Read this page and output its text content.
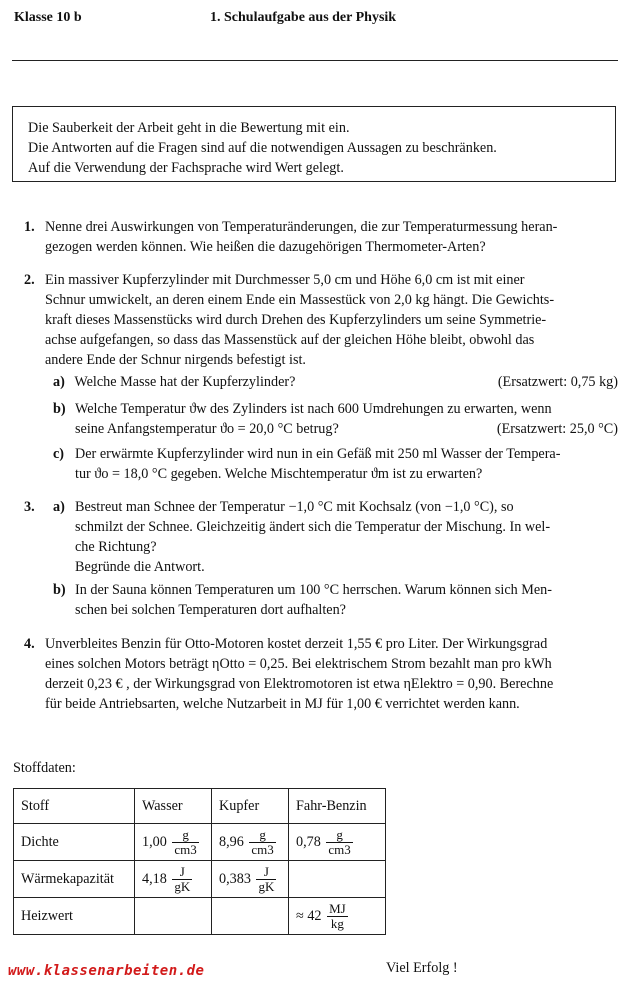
Klasse 10 b	1. Schulaufgabe aus der Physik
Die Sauberkeit der Arbeit geht in die Bewertung mit ein.
Die Antworten auf die Fragen sind auf die notwendigen Aussagen zu beschränken.
Auf die Verwendung der Fachsprache wird Wert gelegt.
1. Nenne drei Auswirkungen von Temperaturänderungen, die zur Temperaturmessung heran-
gezogen werden können. Wie heißen die dazugehörigen Thermometer-Arten?
2. Ein massiver Kupferzylinder mit Durchmesser 5,0 cm und Höhe 6,0 cm ist mit einer
Schnur umwickelt, an deren einem Ende ein Massestück von 2,0 kg hängt. Die Gewichts-
kraft dieses Massenstücks wird durch Drehen des Kupferzylinders um seine Symmetrie-
achse aufgefangen, so dass das Massenstück auf der gleichen Höhe bleibt, obwohl das
andere Ende der Schnur nirgends befestigt ist.
a) Welche Masse hat der Kupferzylinder?	(Ersatzwert: 0,75 kg)
b) Welche Temperatur ϑw des Zylinders ist nach 600 Umdrehungen zu erwarten, wenn
seine Anfangstemperatur ϑo = 20,0 °C betrug?	(Ersatzwert: 25,0 °C)
c) Der erwärmte Kupferzylinder wird nun in ein Gefäß mit 250 ml Wasser der Tempera-
tur ϑo = 18,0 °C gegeben. Welche Mischtemperatur ϑm ist zu erwarten?
3. a) Bestreut man Schnee der Temperatur −1,0 °C mit Kochsalz (von −1,0 °C), so
schmilzt der Schnee. Gleichzeitig ändert sich die Temperatur der Mischung. In wel-
che Richtung?
Begründe die Antwort.
b) In der Sauna können Temperaturen um 100 °C herrschen. Warum können sich Men-
schen bei solchen Temperaturen dort aufhalten?
4. Unverbleites Benzin für Otto-Motoren kostet derzeit 1,55 € pro Liter. Der Wirkungsgrad
eines solchen Motors beträgt ηOtto = 0,25. Bei elektrischem Strom bezahlt man pro kWh
derzeit 0,23 € , der Wirkungsgrad von Elektromotoren ist etwa ηElektro = 0,90. Berechne
für beide Antriebsarten, welche Nutzarbeit in MJ für 1,00 € verrichtet werden kann.
Stoffdaten:
Stoff	Wasser	Kupfer	Fahr-Benzin
Dichte	$1,00 \frac{g}{cm3}$	$8,96 \frac{g}{cm3}$	$0,78 \frac{g}{cm3}$

Wärmekapazität	$4,18 \frac{J}{gK}$	$0,383 \frac{J}{gK}$

Heizwert			≈ $42 \frac{MJ}{kg}$
www.klassenarbeiten.de	Viel Erfolg !
